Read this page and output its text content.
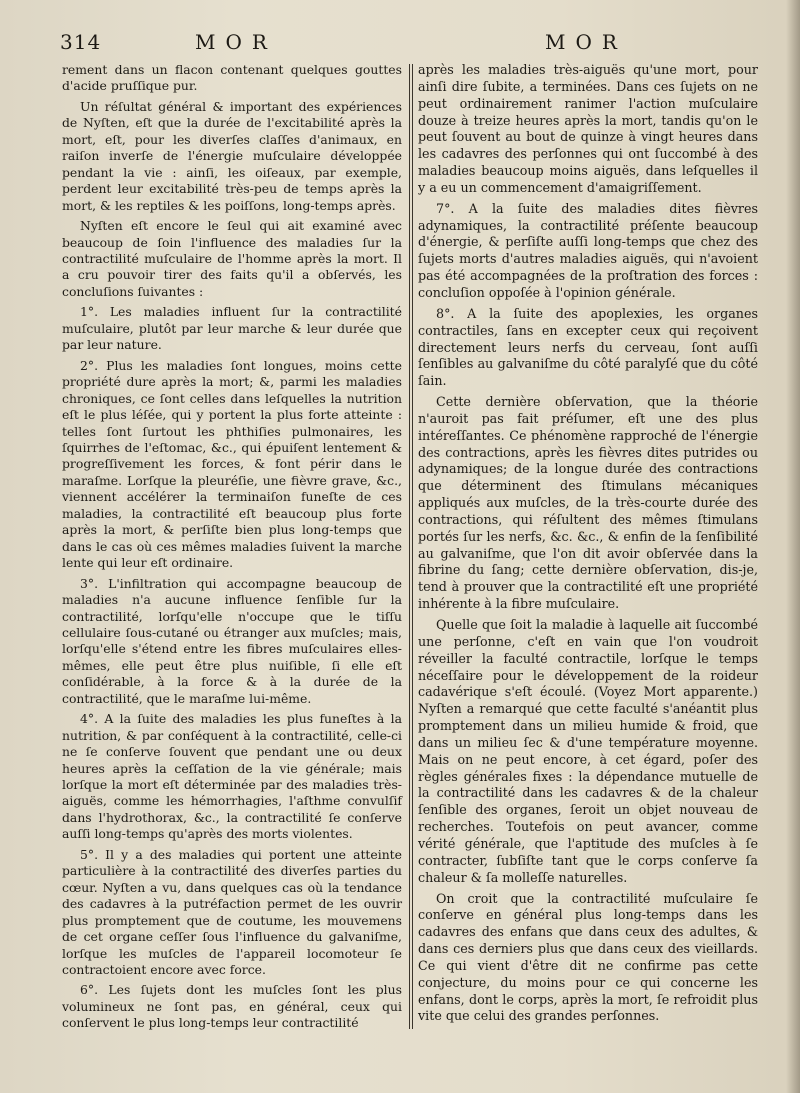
314	MOR	MOR

rement dans un flacon contenant quelques gouttes d'acide pruſſique pur.

Un réſultat général & important des expériences de Nyſten, eſt que la durée de l'excitabilité après la mort, eſt, pour les diverſes claſſes d'animaux, en raiſon inverſe de l'énergie muſculaire développée pendant la vie : ainſi, les oiſeaux, par exemple, perdent leur excitabilité très-peu de temps après la mort, & les reptiles & les poiſſons, long-temps après.

Nyſten eſt encore le ſeul qui ait examiné avec beaucoup de ſoin l'influence des maladies ſur la contractilité muſculaire de l'homme après la mort. Il a cru pouvoir tirer des faits qu'il a obſervés, les concluſions ſuivantes :

1°. Les maladies influent ſur la contractilité muſculaire, plutôt par leur marche & leur durée que par leur nature.

2°. Plus les maladies ſont longues, moins cette propriété dure après la mort; &, parmi les maladies chroniques, ce ſont celles dans leſquelles la nutrition eſt le plus léſée, qui y portent la plus forte atteinte : telles ſont ſurtout les phthiſies pulmonaires, les ſquirrhes de l'eſtomac, &c., qui épuiſent lentement & progreſſivement les forces, & font périr dans le maraſme. Lorſque la pleuréſie, une fièvre grave, &c., viennent accélérer la terminaiſon funeſte de ces maladies, la contractilité eſt beaucoup plus forte après la mort, & perſiſte bien plus long-temps que dans le cas où ces mêmes maladies ſuivent la marche lente qui leur eſt ordinaire.

3°. L'infiltration qui accompagne beaucoup de maladies n'a aucune influence ſenſible ſur la contractilité, lorſqu'elle n'occupe que le tiſſu cellulaire ſous-cutané ou étranger aux muſcles; mais, lorſqu'elle s'étend entre les fibres muſculaires elles-mêmes, elle peut être plus nuiſible, ſi elle eſt conſidérable, à la force & à la durée de la contractilité, que le maraſme lui-même.

4°. A la ſuite des maladies les plus funeſtes à la nutrition, & par conſéquent à la contractilité, celle-ci ne ſe conſerve ſouvent que pendant une ou deux heures après la ceſſation de la vie générale; mais lorſque la mort eſt déterminée par des maladies très-aiguës, comme les hémorrhagies, l'aſthme convulſif dans l'hydrothorax, &c., la contractilité ſe conſerve auſſi long-temps qu'après des morts violentes.

5°. Il y a des maladies qui portent une atteinte particulière à la contractilité des diverſes parties du cœur. Nyſten a vu, dans quelques cas où la tendance des cadavres à la putréfaction permet de les ouvrir plus promptement que de coutume, les mouvemens de cet organe ceſſer ſous l'influence du galvaniſme, lorſque les muſcles de l'appareil locomoteur ſe contractoient encore avec force.

6°. Les ſujets dont les muſcles ſont les plus volumineux ne ſont pas, en général, ceux qui conſervent le plus long-temps leur contractilité

après les maladies très-aiguës qu'une mort, pour ainſi dire ſubite, a terminées. Dans ces ſujets on ne peut ordinairement ranimer l'action muſculaire douze à treize heures après la mort, tandis qu'on le peut ſouvent au bout de quinze à vingt heures dans les cadavres des perſonnes qui ont ſuccombé à des maladies beaucoup moins aiguës, dans leſquelles il y a eu un commencement d'amaigriſſement.

7°. A la ſuite des maladies dites fièvres adynamiques, la contractilité préſente beaucoup d'énergie, & perſiſte auſſi long-temps que chez des ſujets morts d'autres maladies aiguës, qui n'avoient pas été accompagnées de la proſtration des forces : concluſion oppoſée à l'opinion générale.

8°. A la ſuite des apoplexies, les organes contractiles, ſans en excepter ceux qui reçoivent directement leurs nerfs du cerveau, ſont auſſi ſenſibles au galvaniſme du côté paralyſé que du côté ſain.

Cette dernière obſervation, que la théorie n'auroit pas fait préſumer, eſt une des plus intéreſſantes. Ce phénomène rapproché de l'énergie des contractions, après les fièvres dites putrides ou adynamiques; de la longue durée des contractions que déterminent des ſtimulans mécaniques appliqués aux muſcles, de la très-courte durée des contractions, qui réſultent des mêmes ſtimulans portés ſur les nerfs, &c. &c., & enfin de la ſenſibilité au galvaniſme, que l'on dit avoir obſervée dans la fibrine du ſang; cette dernière obſervation, dis-je, tend à prouver que la contractilité eſt une propriété inhérente à la fibre muſculaire.

Quelle que ſoit la maladie à laquelle ait ſuccombé une perſonne, c'eſt en vain que l'on voudroit réveiller la faculté contractile, lorſque le temps néceſſaire pour le développement de la roideur cadavérique s'eſt écoulé. (Voyez Mort apparente.) Nyſten a remarqué que cette faculté s'anéantit plus promptement dans un milieu humide & froid, que dans un milieu ſec & d'une température moyenne. Mais on ne peut encore, à cet égard, poſer des règles générales fixes : la dépendance mutuelle de la contractilité dans les cadavres & de la chaleur ſenſible des organes, ſeroit un objet nouveau de recherches. Toutefois on peut avancer, comme vérité générale, que l'aptitude des muſcles à ſe contracter, ſubſiſte tant que le corps conſerve ſa chaleur & ſa molleſſe naturelles.

On croit que la contractilité muſculaire ſe conſerve en général plus long-temps dans les cadavres des enfans que dans ceux des adultes, & dans ces derniers plus que dans ceux des vieillards. Ce qui vient d'être dit ne confirme pas cette conjecture, du moins pour ce qui concerne les enfans, dont le corps, après la mort, ſe refroidit plus vite que celui des grandes perſonnes.
